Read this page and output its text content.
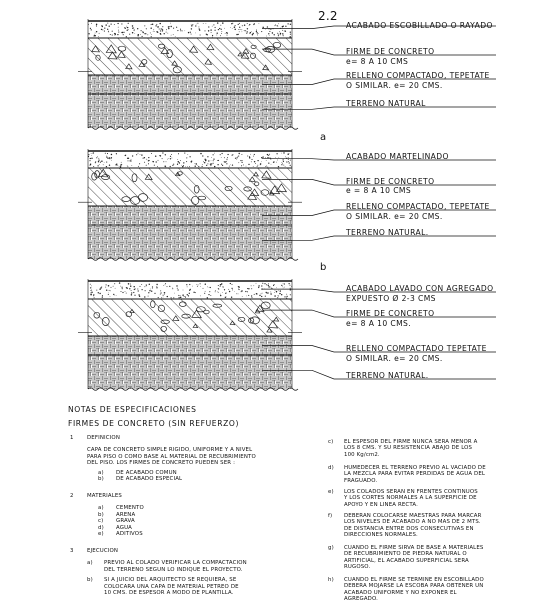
2.2
ACABADO ESCOBILLADO O RAYADO
FIRME DE CONCRETO
e= 8 A 10 CMS
RELLENO COMPACTADO, TEPETATE
O SIMILAR. e= 20 CMS.
TERRENO NATURAL
a
ACABADO MARTELINADO
FIRME DE CONCRETO
e = 8 A 10 CMS
RELLENO COMPACTADO, TEPETATE
O SIMILAR. e= 20 CMS.
TERRENO NATURAL.
b
ACABADO LAVADO CON AGREGADO
EXPUESTO Ø 2-3 CMS
FIRME DE CONCRETO
e= 8 A 10 CMS.
RELLENO COMPACTADO TEPETATE
O SIMILAR. e= 20 CMS.
TERRENO NATURAL.
NOTAS DE ESPECIFICACIONES
FIRMES DE CONCRETO (SIN REFUERZO)
1 DEFINICION
CAPA DE CONCRETO SIMPLE RIGIDO, UNIFORME Y A NIVEL
PARA PISO O COMO BASE AL MATERIAL DE RECUBRIMIENTO
DEL PISO. LOS FIRMES DE CONCRETO PUEDEN SER :
a) DE ACABADO COMUN
b) DE ACABADO ESPECIAL
2 MATERIALES
a) CEMENTO
b) ARENA
c) GRAVA
d) AGUA
e) ADITIVOS
3 EJECUCION
a) PREVIO AL COLADO VERIFICAR LA COMPACTACION
DEL TERRENO SEGUN LO INDIQUE EL PROYECTO.
b) SI A JUICIO DEL ARQUITECTO SE REQUIERA, SE
COLOCARA UNA CAPA DE MATERIAL PETREO DE
10 CMS. DE ESPESOR A MODO DE PLANTILLA.
c) EL ESPESOR DEL FIRME NUNCA SERA MENOR A
LOS 8 CMS. Y SU RESISTENCIA ABAJO DE LOS
100 Kg/cm2.
d) HUMEDECER EL TERRENO PREVIO AL VACIADO DE
LA MEZCLA PARA EVITAR PERDIDAS DE AGUA DEL
FRAGUADO.
e) LOS COLADOS SERAN EN FRENTES CONTINUOS
Y LOS CORTES NORMALES A LA SUPERFICIE DE
APOYO Y EN LINEA RECTA.
f) DEBERAN COLOCARSE MAESTRAS PARA MARCAR
LOS NIVELES DE ACABADO A NO MAS DE 2 MTS.
DE DISTANCIA ENTRE DOS CONSECUTIVAS EN
DIRECCIONES NORMALES.
g) CUANDO EL FIRME SIRVA DE BASE A MATERIALES
DE RECUBRIMIENTO DE PIEDRA NATURAL O
ARTIFICIAL, EL ACABADO SUPERFICIAL SERA
RUGOSO.
h) CUANDO EL FIRME SE TERMINE EN ESCOBILLADO
DEBERA MOJARSE LA ESCOBA PARA OBTENER UN
ACABADO UNIFORME Y NO EXPONER EL
AGREGADO.
